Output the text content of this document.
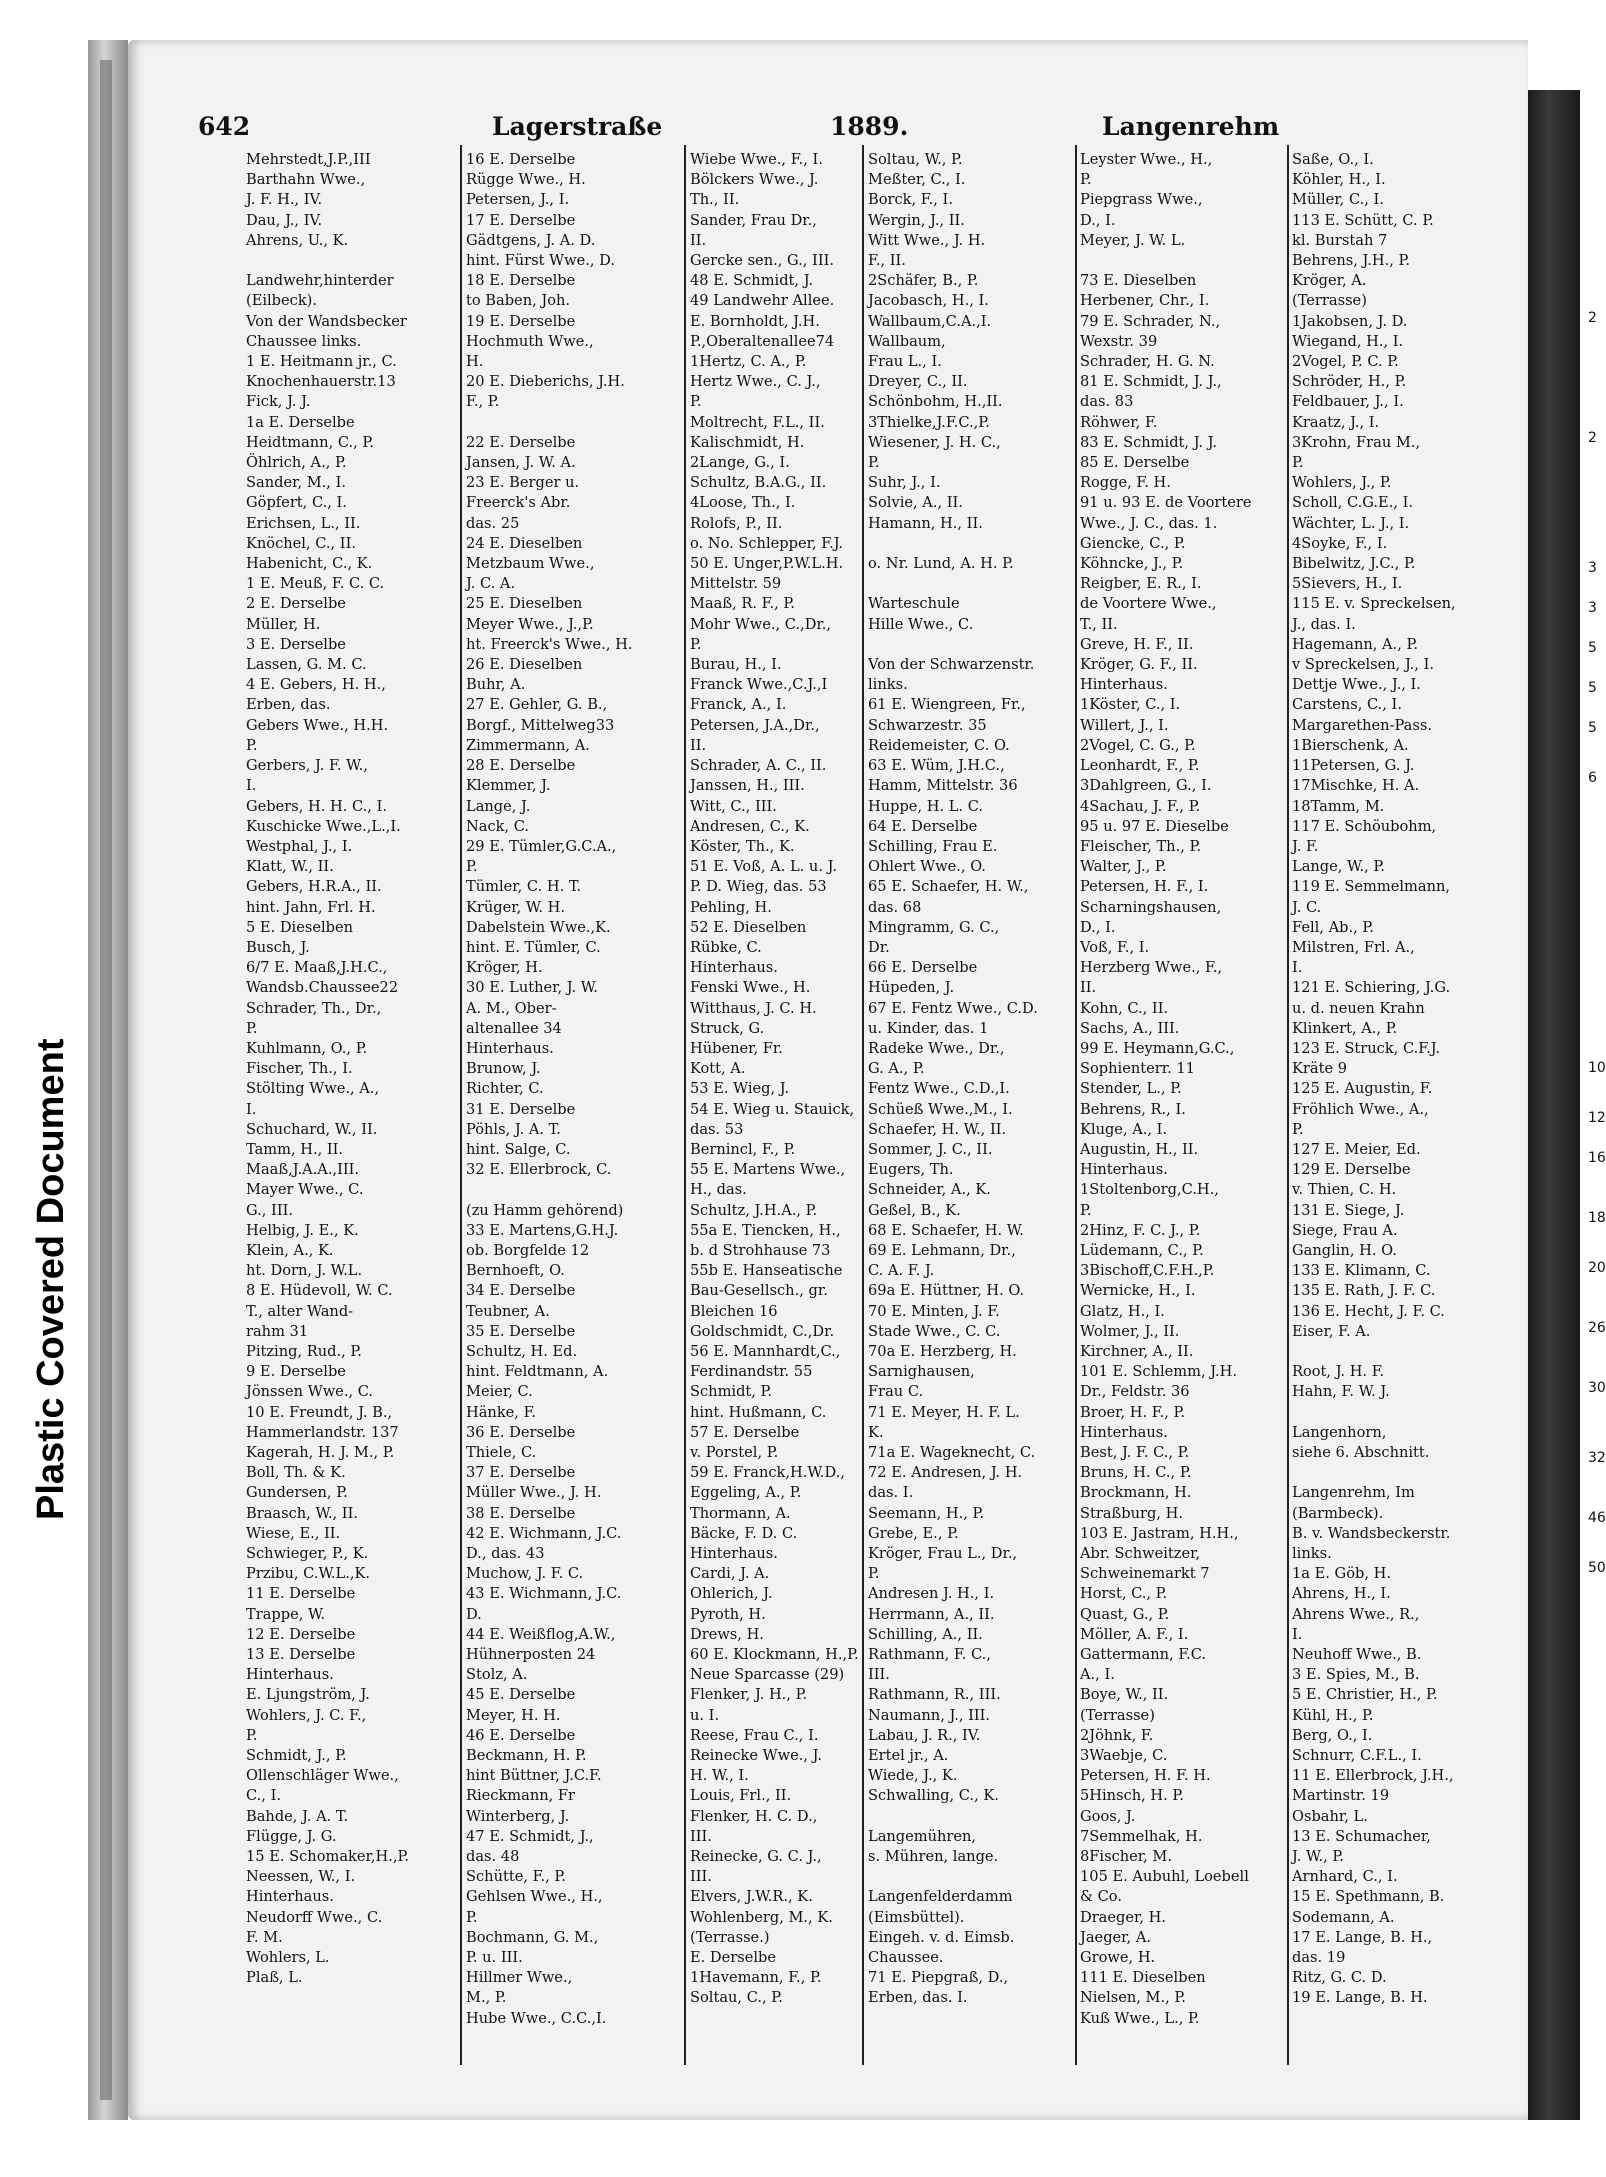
642	Lagerstraße	1889.	Langenrehm
Mehrstedt,J.P.,III
Barthahn Wwe.,
J. F. H., IV.
Dau, J., IV.
Ahrens, U., K.

Landwehr,hinterder
(Eilbeck).
Von der Wandsbecker
Chaussee links.
1 E. Heitmann jr., C.
Knochenhauerstr.13
Fick, J. J.
1a E. Derselbe
Heidtmann, C., P.
Öhlrich, A., P.
Sander, M., I.
Göpfert, C., I.
Erichsen, L., II.
Knöchel, C., II.
Habenicht, C., K.
1 E. Meuß, F. C. C.
2 E. Derselbe
Müller, H.
3 E. Derselbe
Lassen, G. M. C.
4 E. Gebers, H. H.,
Erben, das.
Gebers Wwe., H.H.
P.
Gerbers, J. F. W.,
I.
Gebers, H. H. C., I.
Kuschicke Wwe.,L.,I.
Westphal, J., I.
Klatt, W., II.
Gebers, H.R.A., II.
hint. Jahn, Frl. H.
5 E. Dieselben
Busch, J.
6/7 E. Maaß,J.H.C.,
Wandsb.Chaussee22
Schrader, Th., Dr.,
P.
Kuhlmann, O., P.
Fischer, Th., I.
Stölting Wwe., A.,
I.
Schuchard, W., II.
Tamm, H., II.
Maaß,J.A.A.,III.
Mayer Wwe., C.
G., III.
Helbig, J. E., K.
Klein, A., K.
ht. Dorn, J. W.L.
8 E. Hüdevoll, W. C.
T., alter Wand-
rahm 31
Pitzing, Rud., P.
9 E. Derselbe
Jönssen Wwe., C.
10 E. Freundt, J. B.,
Hammerlandstr. 137
Kagerah, H. J. M., P.
Boll, Th. & K.
Gundersen, P.
Braasch, W., II.
Wiese, E., II.
Schwieger, P., K.
Przibu, C.W.L.,K.
11 E. Derselbe
Trappe, W.
12 E. Derselbe
13 E. Derselbe
Hinterhaus.
E. Ljungström, J.
Wohlers, J. C. F.,
P.
Schmidt, J., P.
Ollenschläger Wwe.,
C., I.
Bahde, J. A. T.
Flügge, J. G.
15 E. Schomaker,H.,P.
Neessen, W., I.
Hinterhaus.
Neudorff Wwe., C.
F. M.
Wohlers, L.
Plaß, L.
16 E. Derselbe
Rügge Wwe., H.
Petersen, J., I.
17 E. Derselbe
Gädtgens, J. A. D.
hint. Fürst Wwe., D.
18 E. Derselbe
to Baben, Joh.
19 E. Derselbe
Hochmuth Wwe.,
H.
20 E. Dieberichs, J.H.
F., P.

22 E. Derselbe
Jansen, J. W. A.
23 E. Berger u.
Freerck's Abr.
das. 25
24 E. Dieselben
Metzbaum Wwe.,
J. C. A.
25 E. Dieselben
Meyer Wwe., J.,P.
ht. Freerck's Wwe., H.
26 E. Dieselben
Buhr, A.
27 E. Gehler, G. B.,
Borgf., Mittelweg33
Zimmermann, A.
28 E. Derselbe
Klemmer, J.
Lange, J.
Nack, C.
29 E. Tümler,G.C.A.,
P.
Tümler, C. H. T.
Krüger, W. H.
Dabelstein Wwe.,K.
hint. E. Tümler, C.
Kröger, H.
30 E. Luther, J. W.
A. M., Ober-
altenallee 34
Hinterhaus.
Brunow, J.
Richter, C.
31 E. Derselbe
Pöhls, J. A. T.
hint. Salge, C.
32 E. Ellerbrock, C.

(zu Hamm gehörend)
33 E. Martens,G.H.J.
ob. Borgfelde 12
Bernhoeft, O.
34 E. Derselbe
Teubner, A.
35 E. Derselbe
Schultz, H. Ed.
hint. Feldtmann, A.
Meier, C.
Hänke, F.
36 E. Derselbe
Thiele, C.
37 E. Derselbe
Müller Wwe., J. H.
38 E. Derselbe
42 E. Wichmann, J.C.
D., das. 43
Muchow, J. F. C.
43 E. Wichmann, J.C.
D.
44 E. Weißflog,A.W.,
Hühnerposten 24
Stolz, A.
45 E. Derselbe
Meyer, H. H.
46 E. Derselbe
Beckmann, H. P.
hint Büttner, J.C.F.
Rieckmann, Fr
Winterberg, J.
47 E. Schmidt, J.,
das. 48
Schütte, F., P.
Gehlsen Wwe., H.,
P.
Bochmann, G. M.,
P. u. III.
Hillmer Wwe.,
M., P.
Hube Wwe., C.C.,I.
Wiebe Wwe., F., I.
Bölckers Wwe., J.
Th., II.
Sander, Frau Dr.,
II.
Gercke sen., G., III.
48 E. Schmidt, J.
49 Landwehr Allee.
E. Bornholdt, J.H.
P.,Oberaltenallee74
1Hertz, C. A., P.
Hertz Wwe., C. J.,
P.
Moltrecht, F.L., II.
Kalischmidt, H.
2Lange, G., I.
Schultz, B.A.G., II.
4Loose, Th., I.
Rolofs, P., II.
o. No. Schlepper, F.J.
50 E. Unger,P.W.L.H.
Mittelstr. 59
Maaß, R. F., P.
Mohr Wwe., C.,Dr.,
P.
Burau, H., I.
Franck Wwe.,C.J.,I
Franck, A., I.
Petersen, J.A.,Dr.,
II.
Schrader, A. C., II.
Janssen, H., III.
Witt, C., III.
Andresen, C., K.
Köster, Th., K.
51 E. Voß, A. L. u. J.
P. D. Wieg, das. 53
Pehling, H.
52 E. Dieselben
Rübke, C.
Hinterhaus.
Fenski Wwe., H.
Witthaus, J. C. H.
Struck, G.
Hübener, Fr.
Kott, A.
53 E. Wieg, J.
54 E. Wieg u. Stauick,
das. 53
Bernincl, F., P.
55 E. Martens Wwe.,
H., das.
Schultz, J.H.A., P.
55a E. Tiencken, H.,
b. d Strohhause 73
55b E. Hanseatische
Bau-Gesellsch., gr.
Bleichen 16
Goldschmidt, C.,Dr.
56 E. Mannhardt,C.,
Ferdinandstr. 55
Schmidt, P.
hint. Hußmann, C.
57 E. Derselbe
v. Porstel, P.
59 E. Franck,H.W.D.,
Eggeling, A., P.
Thormann, A.
Bäcke, F. D. C.
Hinterhaus.
Cardi, J. A.
Ohlerich, J.
Pyroth, H.
Drews, H.
60 E. Klockmann, H.,P.
Neue Sparcasse (29)
Flenker, J. H., P.
u. I.
Reese, Frau C., I.
Reinecke Wwe., J.
H. W., I.
Louis, Frl., II.
Flenker, H. C. D.,
III.
Reinecke, G. C. J.,
III.
Elvers, J.W.R., K.
Wohlenberg, M., K.
(Terrasse.)
E. Derselbe
1Havemann, F., P.
Soltau, C., P.
Soltau, W., P.
Meßter, C., I.
Borck, F., I.
Wergin, J., II.
Witt Wwe., J. H.
F., II.
2Schäfer, B., P.
Jacobasch, H., I.
Wallbaum,C.A.,I.
Wallbaum,
Frau L., I.
Dreyer, C., II.
Schönbohm, H.,II.
3Thielke,J.F.C.,P.
Wiesener, J. H. C.,
P.
Suhr, J., I.
Solvie, A., II.
Hamann, H., II.

o. Nr. Lund, A. H. P.

Warteschule
Hille Wwe., C.

Von der Schwarzenstr.
links.
61 E. Wiengreen, Fr.,
Schwarzestr. 35
Reidemeister, C. O.
63 E. Wüm, J.H.C.,
Hamm, Mittelstr. 36
Huppe, H. L. C.
64 E. Derselbe
Schilling, Frau E.
Ohlert Wwe., O.
65 E. Schaefer, H. W.,
das. 68
Mingramm, G. C.,
Dr.
66 E. Derselbe
Hüpeden, J.
67 E. Fentz Wwe., C.D.
u. Kinder, das. 1
Radeke Wwe., Dr.,
G. A., P.
Fentz Wwe., C.D.,I.
Schüeß Wwe.,M., I.
Schaefer, H. W., II.
Sommer, J. C., II.
Eugers, Th.
Schneider, A., K.
Geßel, B., K.
68 E. Schaefer, H. W.
69 E. Lehmann, Dr.,
C. A. F. J.
69a E. Hüttner, H. O.
70 E. Minten, J. F.
Stade Wwe., C. C.
70a E. Herzberg, H.
Sarnighausen,
Frau C.
71 E. Meyer, H. F. L.
K.
71a E. Wageknecht, C.
72 E. Andresen, J. H.
das. I.
Seemann, H., P.
Grebe, E., P.
Kröger, Frau L., Dr.,
P.
Andresen J. H., I.
Herrmann, A., II.
Schilling, A., II.
Rathmann, F. C.,
III.
Rathmann, R., III.
Naumann, J., III.
Labau, J. R., IV.
Ertel jr., A.
Wiede, J., K.
Schwalling, C., K.

Langemühren,
s. Mühren, lange.

Langenfelderdamm
(Eimsbüttel).
Eingeh. v. d. Eimsb.
Chaussee.
71 E. Piepgraß, D.,
Erben, das. I.
Leyster Wwe., H.,
P.
Piepgrass Wwe.,
D., I.
Meyer, J. W. L.

73 E. Dieselben
Herbener, Chr., I.
79 E. Schrader, N.,
Wexstr. 39
Schrader, H. G. N.
81 E. Schmidt, J. J.,
das. 83
Röhwer, F.
83 E. Schmidt, J. J.
85 E. Derselbe
Rogge, F. H.
91 u. 93 E. de Voortere
Wwe., J. C., das. 1.
Giencke, C., P.
Köhncke, J., P.
Reigber, E. R., I.
de Voortere Wwe.,
T., II.
Greve, H. F., II.
Kröger, G. F., II.
Hinterhaus.
1Köster, C., I.
Willert, J., I.
2Vogel, C. G., P.
Leonhardt, F., P.
3Dahlgreen, G., I.
4Sachau, J. F., P.
95 u. 97 E. Dieselbe
Fleischer, Th., P.
Walter, J., P.
Petersen, H. F., I.
Scharningshausen,
D., I.
Voß, F., I.
Herzberg Wwe., F.,
II.
Kohn, C., II.
Sachs, A., III.
99 E. Heymann,G.C.,
Sophienterr. 11
Stender, L., P.
Behrens, R., I.
Kluge, A., I.
Augustin, H., II.
Hinterhaus.
1Stoltenborg,C.H.,
P.
2Hinz, F. C. J., P.
Lüdemann, C., P.
3Bischoff,C.F.H.,P.
Wernicke, H., I.
Glatz, H., I.
Wolmer, J., II.
Kirchner, A., II.
101 E. Schlemm, J.H.
Dr., Feldstr. 36
Broer, H. F., P.
Hinterhaus.
Best, J. F. C., P.
Bruns, H. C., P.
Brockmann, H.
Straßburg, H.
103 E. Jastram, H.H.,
Abr. Schweitzer,
Schweinemarkt 7
Horst, C., P.
Quast, G., P.
Möller, A. F., I.
Gattermann, F.C.
A., I.
Boye, W., II.
(Terrasse)
2Jöhnk, F.
3Waebje, C.
Petersen, H. F. H.
5Hinsch, H. P.
Goos, J.
7Semmelhak, H.
8Fischer, M.
105 E. Aubuhl, Loebell
& Co.
Draeger, H.
Jaeger, A.
Growe, H.
111 E. Dieselben
Nielsen, M., P.
Kuß Wwe., L., P.
Saße, O., I.
Köhler, H., I.
Müller, C., I.
113 E. Schütt, C. P.
kl. Burstah 7
Behrens, J.H., P.
Kröger, A.
(Terrasse)
1Jakobsen, J. D.
Wiegand, H., I.
2Vogel, P. C. P.
Schröder, H., P.
Feldbauer, J., I.
Kraatz, J., I.
3Krohn, Frau M.,
P.
Wohlers, J., P.
Scholl, C.G.E., I.
Wächter, L. J., I.
4Soyke, F., I.
Bibelwitz, J.C., P.
5Sievers, H., I.
115 E. v. Spreckelsen,
J., das. I.
Hagemann, A., P.
v Spreckelsen, J., I.
Dettje Wwe., J., I.
Carstens, C., I.
Margarethen-Pass.
1Bierschenk, A.
11Petersen, G. J.
17Mischke, H. A.
18Tamm, M.
117 E. Schöubohm,
J. F.
Lange, W., P.
119 E. Semmelmann,
J. C.
Fell, Ab., P.
Milstren, Frl. A.,
I.
121 E. Schiering, J.G.
u. d. neuen Krahn
Klinkert, A., P.
123 E. Struck, C.F.J.
Kräte 9
125 E. Augustin, F.
Fröhlich Wwe., A.,
P.
127 E. Meier, Ed.
129 E. Derselbe
v. Thien, C. H.
131 E. Siege, J.
Siege, Frau A.
Ganglin, H. O.
133 E. Klimann, C.
135 E. Rath, J. F. C.
136 E. Hecht, J. F. C.
Eiser, F. A.

Root, J. H. F.
Hahn, F. W. J.

Langenhorn,
siehe 6. Abschnitt.

Langenrehm, Im
(Barmbeck).
B. v. Wandsbeckerstr.
links.
1a E. Göb, H.
Ahrens, H., I.
Ahrens Wwe., R.,
I.
Neuhoff Wwe., B.
3 E. Spies, M., B.
5 E. Christier, H., P.
Kühl, H., P.
Berg, O., I.
Schnurr, C.F.L., I.
11 E. Ellerbrock, J.H.,
Martinstr. 19
Osbahr, L.
13 E. Schumacher,
J. W., P.
Arnhard, C., I.
15 E. Spethmann, B.
Sodemann, A.
17 E. Lange, B. H.,
das. 19
Ritz, G. C. D.
19 E. Lange, B. H.
2
2
3
3
5
5
5
6
10
12
16
18
20
26
30
32
46
50
Plastic Covered Document
